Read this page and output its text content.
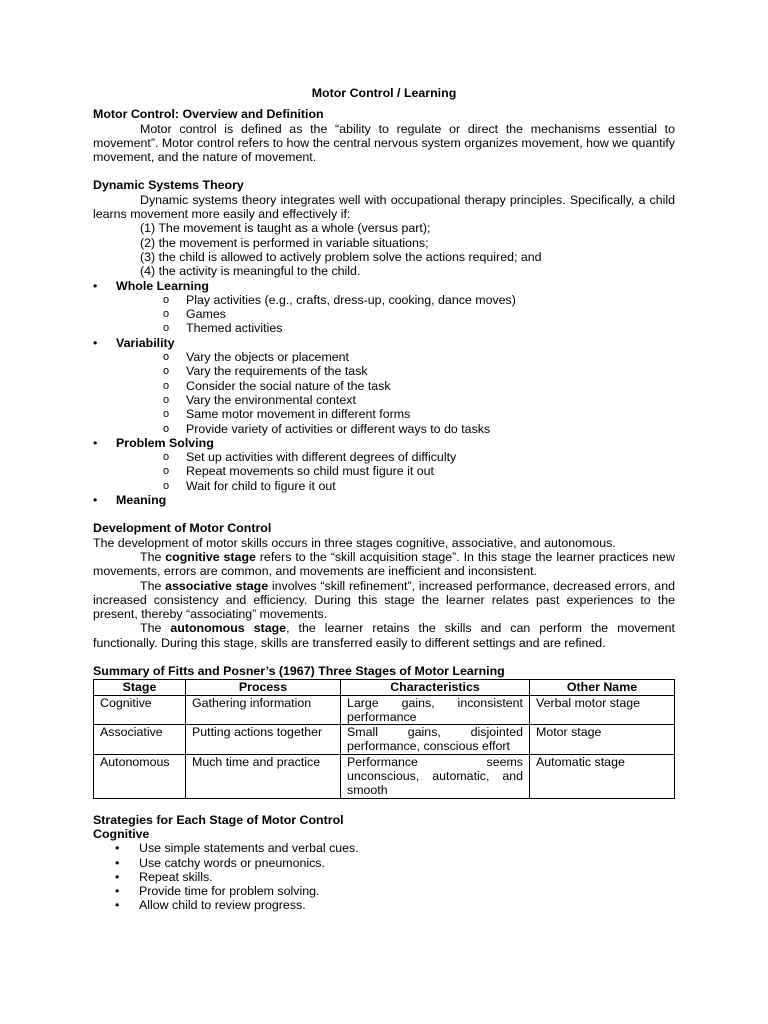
Motor Control / Learning
Motor Control: Overview and Definition

Motor control is defined as the “ability to regulate or direct the mechanisms essential to movement”. Motor control refers to how the central nervous system organizes movement, how we quantify movement, and the nature of movement.

Dynamic Systems Theory

Dynamic systems theory integrates well with occupational therapy principles. Specifically, a child learns movement more easily and effectively if:

(1) The movement is taught as a whole (versus part);
(2) the movement is performed in variable situations;
(3) the child is allowed to actively problem solve the actions required; and
(4) the activity is meaningful to the child.
• Whole Learning
o Play activities (e.g., crafts, dress-up, cooking, dance moves)
o Games
o Themed activities
• Variability
o Vary the objects or placement
o Vary the requirements of the task
o Consider the social nature of the task
o Vary the environmental context
o Same motor movement in different forms
o Provide variety of activities or different ways to do tasks
• Problem Solving
o Set up activities with different degrees of difficulty
o Repeat movements so child must figure it out
o Wait for child to figure it out
• Meaning
Development of Motor Control

The development of motor skills occurs in three stages cognitive, associative, and autonomous.

The cognitive stage refers to the “skill acquisition stage”. In this stage the learner practices new movements, errors are common, and movements are inefficient and inconsistent.

The associative stage involves “skill refinement”, increased performance, decreased errors, and increased consistency and efficiency. During this stage the learner relates past experiences to the present, thereby “associating” movements.

The autonomous stage, the learner retains the skills and can perform the movement functionally. During this stage, skills are transferred easily to different settings and are refined.

Summary of Fitts and Posner’s (1967) Three Stages of Motor Learning
Stage	Process	Characteristics	Other Name
Cognitive	Gathering information	Large gains, inconsistent performance	Verbal motor stage
Associative	Putting actions together	Small gains, disjointed performance, conscious effort	Motor stage
Autonomous	Much time and practice	Performance seems unconscious, automatic, and smooth	Automatic stage
Strategies for Each Stage of Motor Control
Cognitive
• Use simple statements and verbal cues.
• Use catchy words or pneumonics.
• Repeat skills.
• Provide time for problem solving.
• Allow child to review progress.
